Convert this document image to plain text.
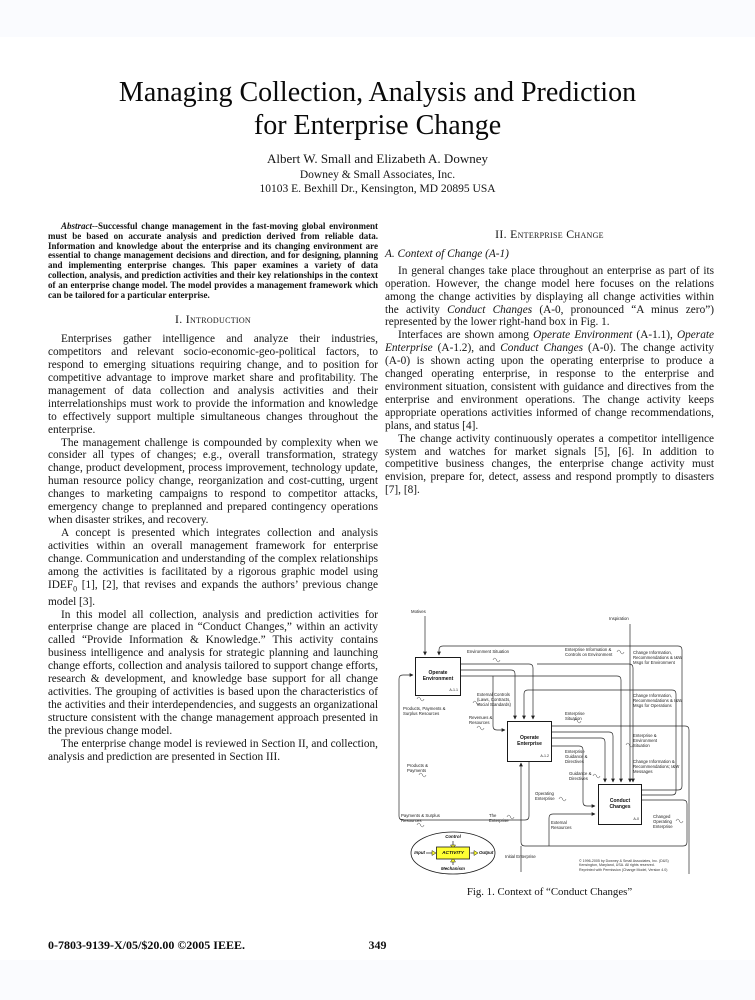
Managing Collection, Analysis and Prediction
for Enterprise Change
Albert W. Small and Elizabeth A. Downey
Downey & Small Associates, Inc.
10103 E. Bexhill Dr., Kensington, MD 20895 USA

Abstract--Successful change management in the fast-moving global environment must be based on accurate analysis and prediction derived from reliable data. Information and knowledge about the enterprise and its changing environment are essential to change management decisions and direction, and for designing, planning and implementing enterprise changes. This paper examines a variety of data collection, analysis, and prediction activities and their key relationships in the context of an enterprise change model. The model provides a management framework which can be tailored for a particular enterprise.

I. Introduction

Enterprises gather intelligence and analyze their industries, competitors and relevant socio-economic-geo-political factors, to respond to emerging situations requiring change, and to position for competitive advantage to improve market share and profitability. The management of data collection and analysis activities and their interrelationships must work to provide the information and knowledge to effectively support multiple simultaneous changes throughout the enterprise.

The management challenge is compounded by complexity when we consider all types of changes; e.g., overall transformation, strategy change, product development, process improvement, technology update, human resource policy change, reorganization and cost-cutting, urgent changes to marketing campaigns to respond to competitor attacks, emergency change to preplanned and prepared contingency operations when disaster strikes, and recovery.

A concept is presented which integrates collection and analysis activities within an overall management framework for enterprise change. Communication and understanding of the complex relationships among the activities is facilitated by a rigorous graphic model using $IDEF_0$ [1], [2], that revises and expands the authors’ previous change model [3].

In this model all collection, analysis and prediction activities for enterprise change are placed in “Conduct Changes,” within an activity called “Provide Information & Knowledge.” This activity contains business intelligence and analysis for strategic planning and launching change efforts, collection and analysis tailored to support change efforts, research & development, and knowledge base support for all change activities. The grouping of activities is based upon the characteristics of the activities and their interdependencies, and suggests an organizational structure consistent with the change management approach presented in the previous change model.

The enterprise change model is reviewed in Section II, and collection, analysis and prediction are presented in Section III.

II. Enterprise Change

A. Context of Change (A-1)

In general changes take place throughout an enterprise as part of its operation. However, the change model here focuses on the relations among the change activities by displaying all change activities within the activity Conduct Changes (A-0, pronounced “A minus zero”) represented by the lower right-hand box in Fig. 1.

Interfaces are shown among Operate Environment (A-1.1), Operate Enterprise (A-1.2), and Conduct Changes (A-0). The change activity (A-0) is shown acting upon the operating enterprise to produce a changed operating enterprise, in response to the enterprise and environment situation, consistent with guidance and directives from the enterprise and environment operations. The change activity keeps appropriate operations activities informed of change recommendations, plans, and status [4].

The change activity continuously operates a competitor intelligence system and watches for market signals [5], [6]. In addition to competitive business changes, the enterprise change activity must envision, prepare for, detect, assess and respond promptly to disasters [7], [8].

Operate Environment
A-1.1
Operate Enterprise
A-1.2
Conduct Changes
A-0
Motives
Inspiration
Environment Situation
External Controls (Laws, Contracts, Social Standards)
Products, Payments & Surplus Resources
Revenues & Resources
Enterprise Information & Controls on Environment	Change Information, Recommendations & I&W Msgs for Environment
Change Information, Recommendations & I&W Msgs for Operations
Enterprise Situation
Enterprise & Environment Situation
Enterprise Guidance & Directives
Guidance & Directives
Change Information & Recommendations; I&W Messages
Products & Payments
Payments & Surplus Resources
Operating Enterprise
The Enterprise	External Resources
Initial Enterprise
Changed Operating Enterprise
Control
Input	Output
Mechanism
ACTIVITY
© 1996-2005 by Downey & Small Associates, Inc. (D&S)
Kensington, Maryland, USA. All rights reserved.
Reprinted with Permission (Change Model, Version 4.0)
Fig. 1. Context of “Conduct Changes”
0-7803-9139-X/05/$20.00 ©2005 IEEE.	349
